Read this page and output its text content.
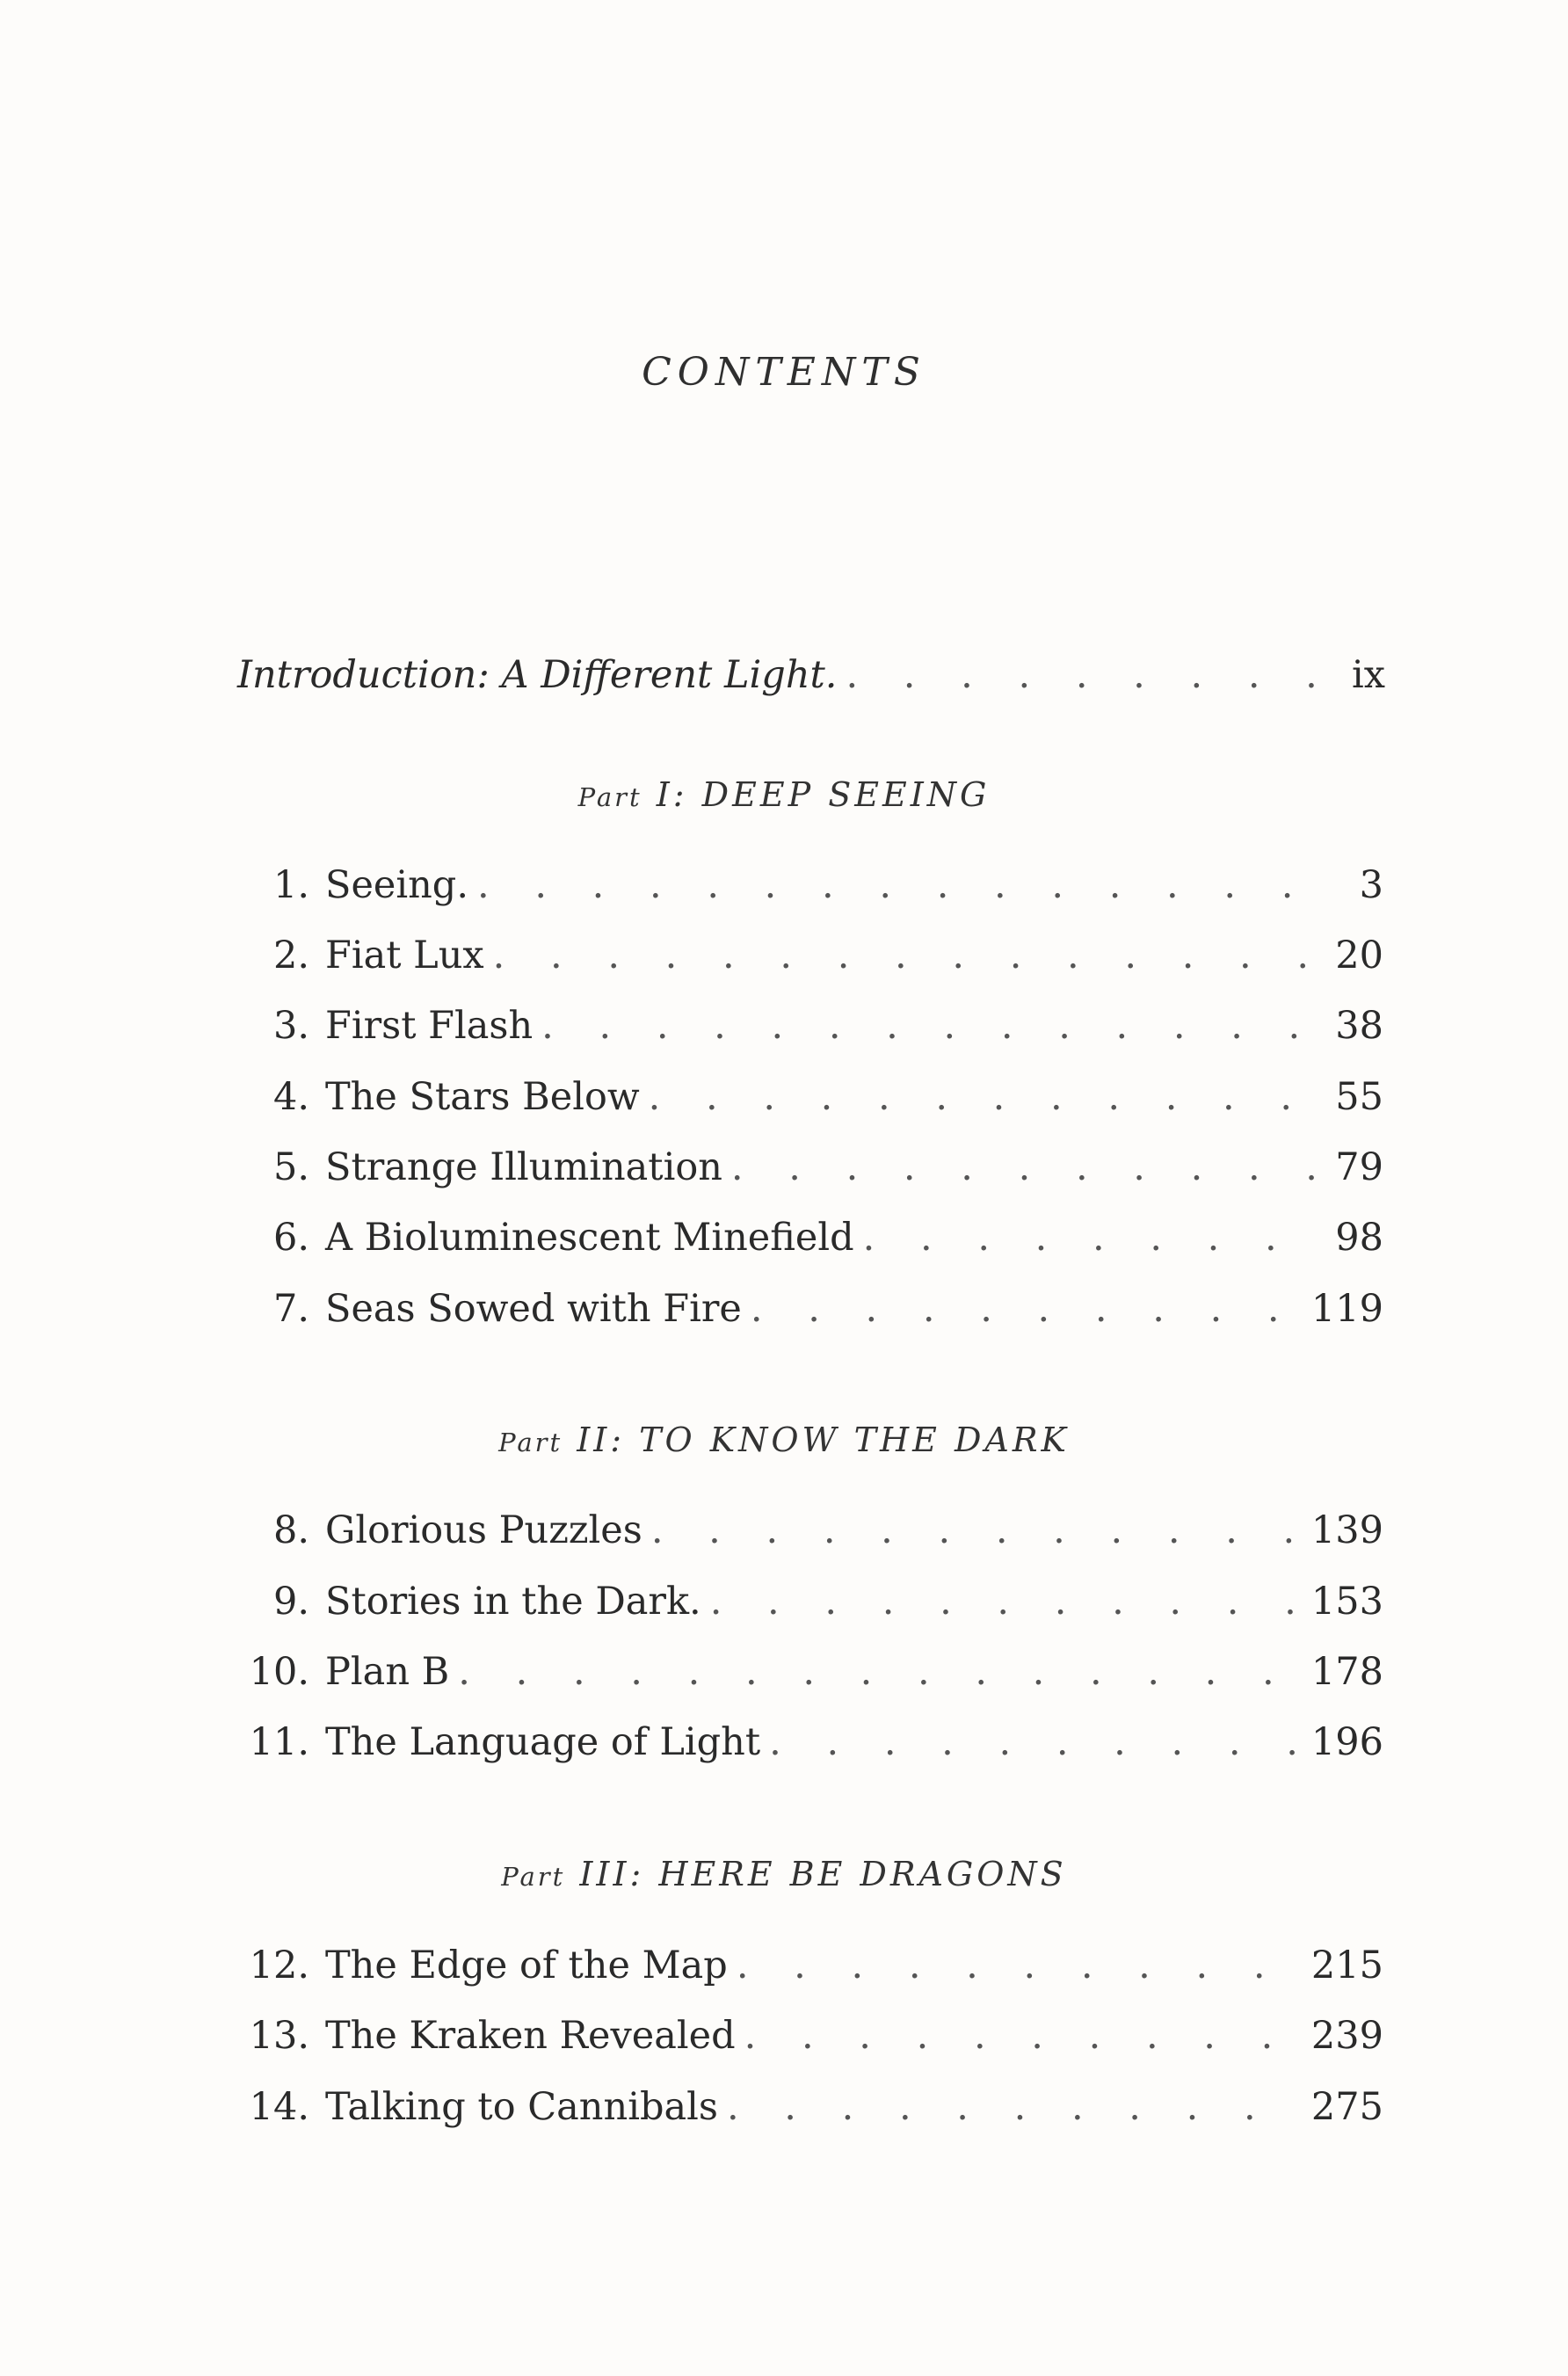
CONTENTS
Introduction: A Different Light. . . .	ix
Part I: DEEP SEEING
1. Seeing. . . .	3
2. Fiat Lux . . .	20
3. First Flash . . .	38
4. The Stars Below . . .	55
5. Strange Illumination . . .	79
6. A Bioluminescent Minefield . . .	98
7. Seas Sowed with Fire . . .	119
Part II: TO KNOW THE DARK
8. Glorious Puzzles . . .	139
9. Stories in the Dark. . . .	153
10. Plan B . . .	178
11. The Language of Light . . .	196
Part III: HERE BE DRAGONS
12. The Edge of the Map . . .	215
13. The Kraken Revealed . . .	239
14. Talking to Cannibals . . .	275
